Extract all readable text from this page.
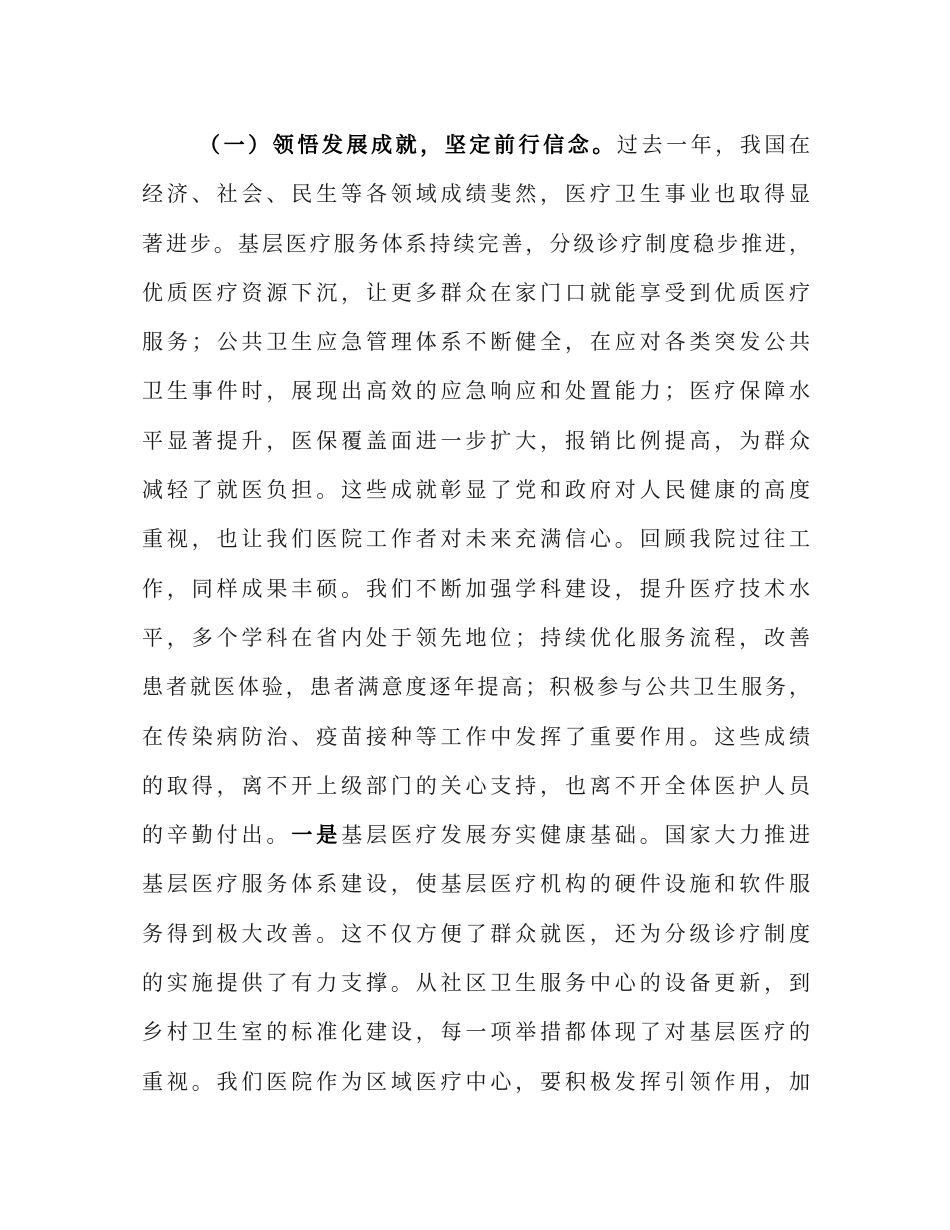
（一）领悟发展成就，坚定前行信念。过去一年，我国在
经济、社会、民生等各领域成绩斐然，医疗卫生事业也取得显
著进步。基层医疗服务体系持续完善，分级诊疗制度稳步推进，
优质医疗资源下沉，让更多群众在家门口就能享受到优质医疗
服务；公共卫生应急管理体系不断健全，在应对各类突发公共
卫生事件时，展现出高效的应急响应和处置能力；医疗保障水
平显著提升，医保覆盖面进一步扩大，报销比例提高，为群众
减轻了就医负担。这些成就彰显了党和政府对人民健康的高度
重视，也让我们医院工作者对未来充满信心。回顾我院过往工
作，同样成果丰硕。我们不断加强学科建设，提升医疗技术水
平，多个学科在省内处于领先地位；持续优化服务流程，改善
患者就医体验，患者满意度逐年提高；积极参与公共卫生服务，
在传染病防治、疫苗接种等工作中发挥了重要作用。这些成绩
的取得，离不开上级部门的关心支持，也离不开全体医护人员
的辛勤付出。一是基层医疗发展夯实健康基础。国家大力推进
基层医疗服务体系建设，使基层医疗机构的硬件设施和软件服
务得到极大改善。这不仅方便了群众就医，还为分级诊疗制度
的实施提供了有力支撑。从社区卫生服务中心的设备更新，到
乡村卫生室的标准化建设，每一项举措都体现了对基层医疗的
重视。我们医院作为区域医疗中心，要积极发挥引领作用，加
